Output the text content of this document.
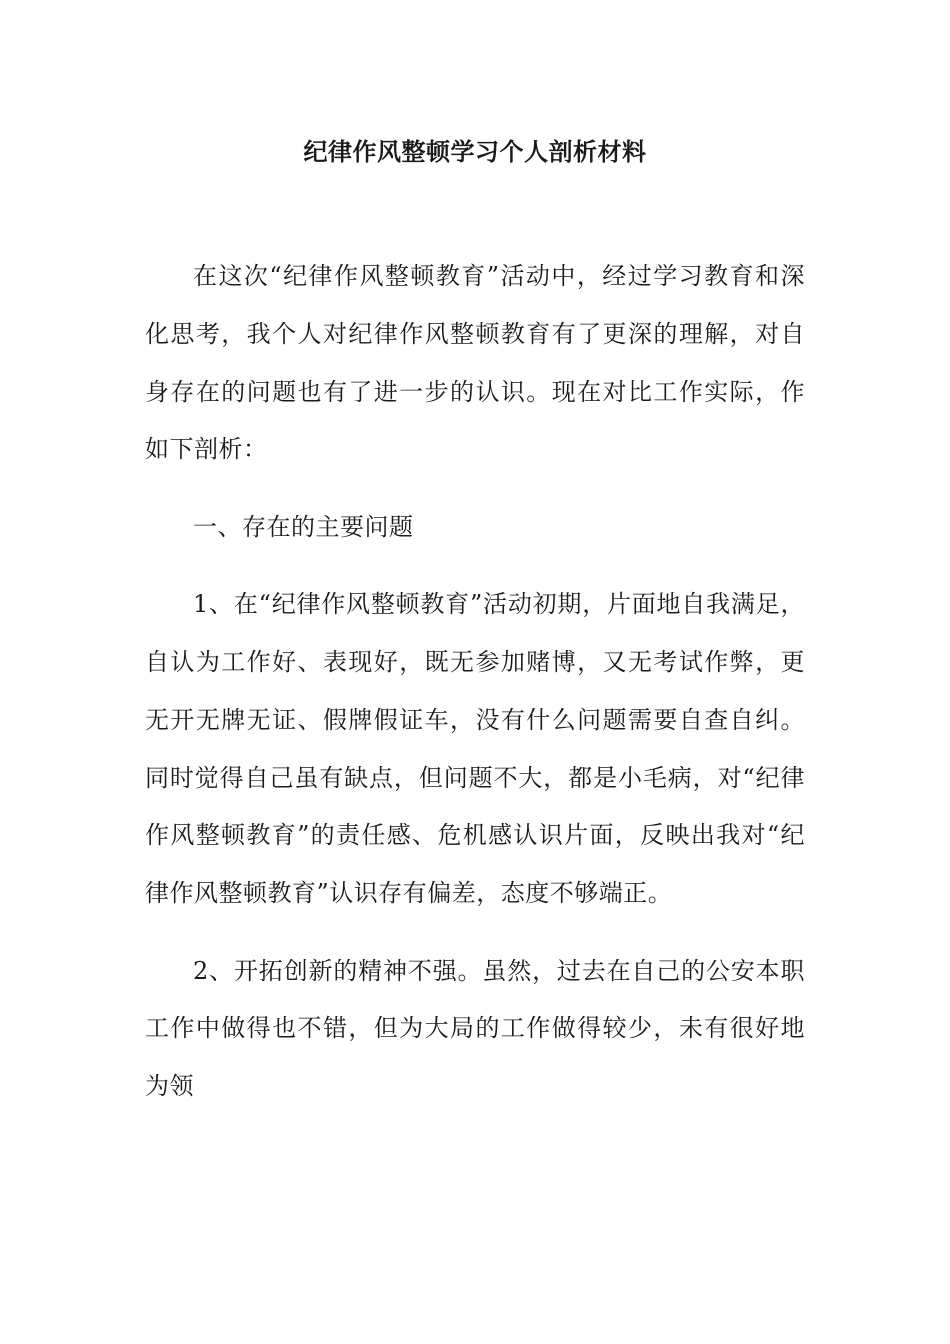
纪律作风整顿学习个人剖析材料

在这次“纪律作风整顿教育”活动中，经过学习教育和深化思考，我个人对纪律作风整顿教育有了更深的理解，对自身存在的问题也有了进一步的认识。现在对比工作实际，作如下剖析：

一、存在的主要问题

1、在“纪律作风整顿教育”活动初期，片面地自我满足，自认为工作好、表现好，既无参加赌博，又无考试作弊，更无开无牌无证、假牌假证车，没有什么问题需要自查自纠。同时觉得自己虽有缺点，但问题不大，都是小毛病，对“纪律作风整顿教育”的责任感、危机感认识片面，反映出我对“纪律作风整顿教育”认识存有偏差，态度不够端正。

2、开拓创新的精神不强。虽然，过去在自己的公安本职工作中做得也不错，但为大局的工作做得较少，未有很好地为领
